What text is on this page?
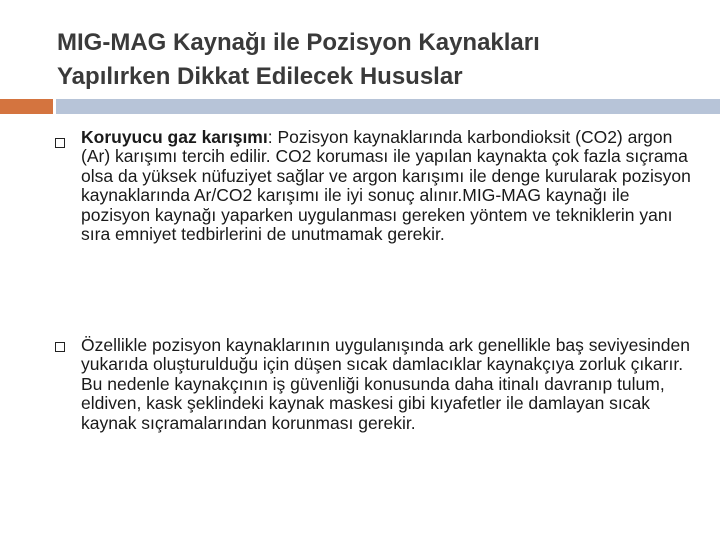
MIG-MAG Kaynağı ile Pozisyon Kaynakları
Yapılırken Dikkat Edilecek Hususlar
Koruyucu gaz karışımı: Pozisyon kaynaklarında karbondioksit (CO2) argon (Ar) karışımı tercih edilir. CO2 koruması ile yapılan kaynakta çok fazla sıçrama olsa da yüksek nüfuziyet sağlar ve argon karışımı ile denge kurularak pozisyon kaynaklarında Ar/CO2 karışımı ile iyi sonuç alınır.MIG-MAG kaynağı ile pozisyon kaynağı yaparken uygulanması gereken yöntem ve tekniklerin yanı sıra emniyet tedbirlerini de unutmamak gerekir.
Özellikle pozisyon kaynaklarının uygulanışında ark genellikle baş seviyesinden yukarıda oluşturulduğu için düşen sıcak damlacıklar kaynakçıya zorluk çıkarır. Bu nedenle kaynakçının iş güvenliği konusunda daha itinalı davranıp tulum, eldiven, kask şeklindeki kaynak maskesi gibi kıyafetler ile damlayan sıcak kaynak sıçramalarından korunması gerekir.
